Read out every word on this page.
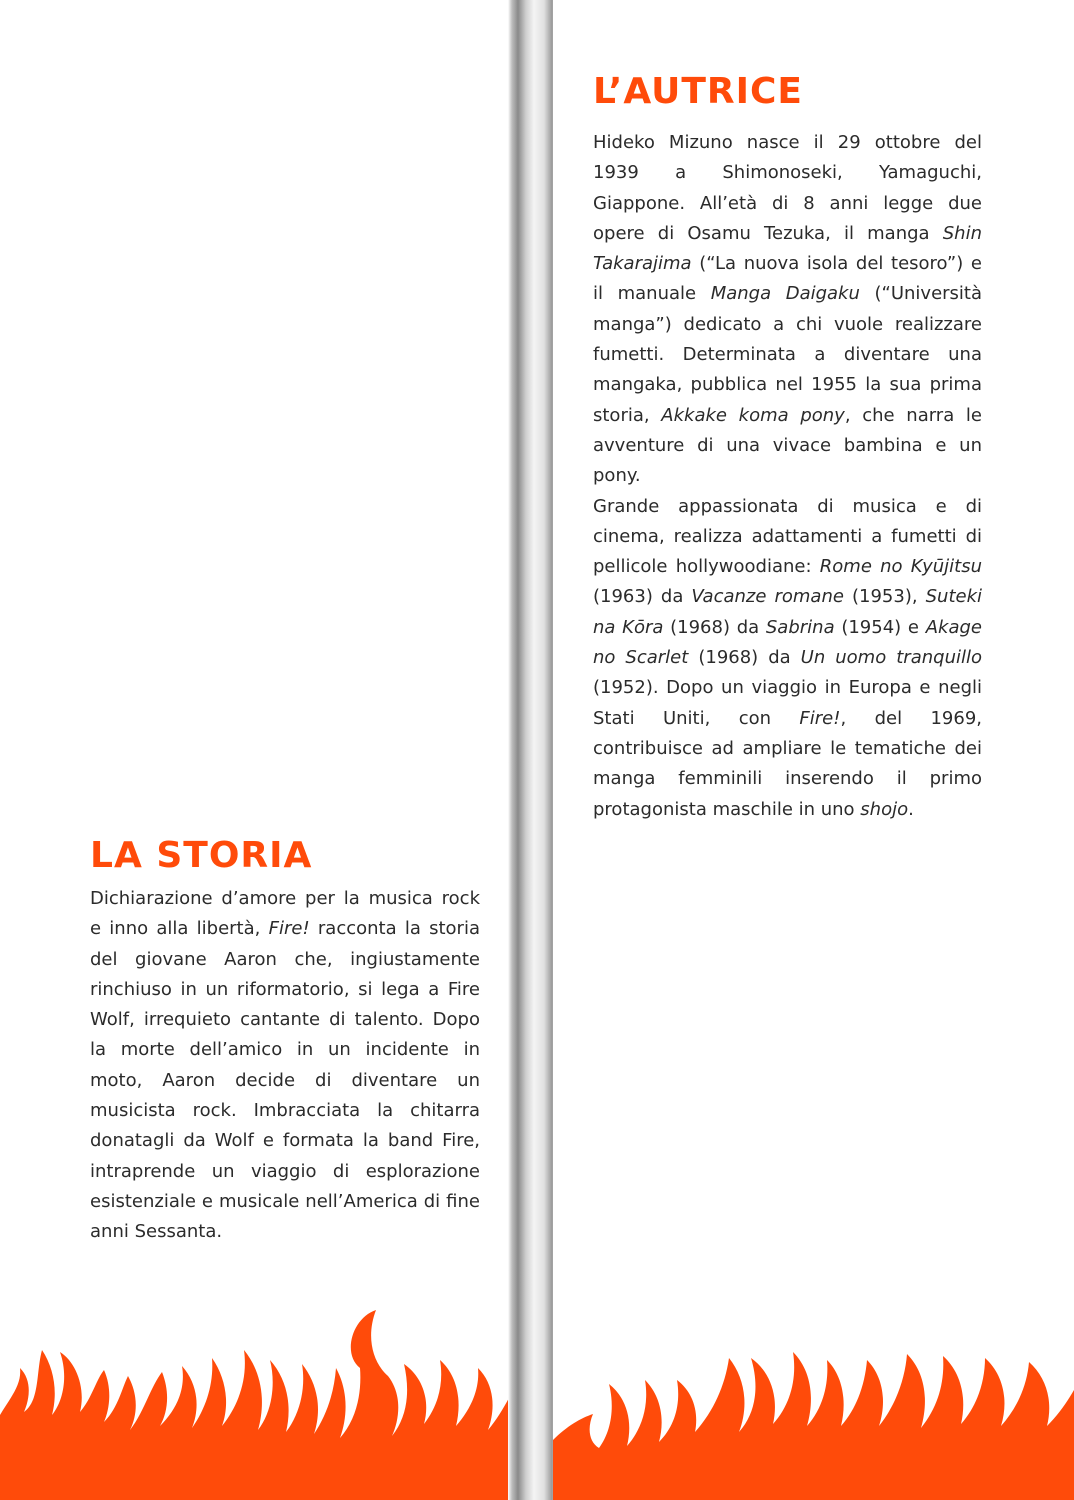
LA STORIA

Dichiarazione d’amore per la musica rock e inno alla libertà, Fire! racconta la storia del giovane Aaron che, ingiustamente rinchiuso in un riformatorio, si lega a Fire Wolf, irrequieto cantante di talento. Dopo la morte dell’amico in un incidente in moto, Aaron decide di diventare un musicista rock. Imbracciata la chitarra donatagli da Wolf e formata la band Fire, intraprende un viaggio di esplorazione esistenziale e musicale nell’America di fine anni Sessanta.

L’AUTRICE

Hideko Mizuno nasce il 29 ottobre del 1939 a Shimonoseki, Yamaguchi, Giappone. All’età di 8 anni legge due opere di Osamu Tezuka, il manga Shin Takarajima (“La nuova isola del tesoro”) e il manuale Manga Daigaku (“Università manga”) dedicato a chi vuole realizzare fumetti. Determinata a diventare una mangaka, pubblica nel 1955 la sua prima storia, Akkake koma pony, che narra le avventure di una vivace bambina e un pony.

Grande appassionata di musica e di cinema, realizza adattamenti a fumetti di pellicole hollywoodiane: Rome no Kyūjitsu (1963) da Vacanze romane (1953), Suteki na Kōra (1968) da Sabrina (1954) e Akage no Scarlet (1968) da Un uomo tranquillo (1952). Dopo un viaggio in Europa e negli Stati Uniti, con Fire!, del 1969, contribuisce ad ampliare le tematiche dei manga femminili inserendo il primo protagonista maschile in uno shojo.
